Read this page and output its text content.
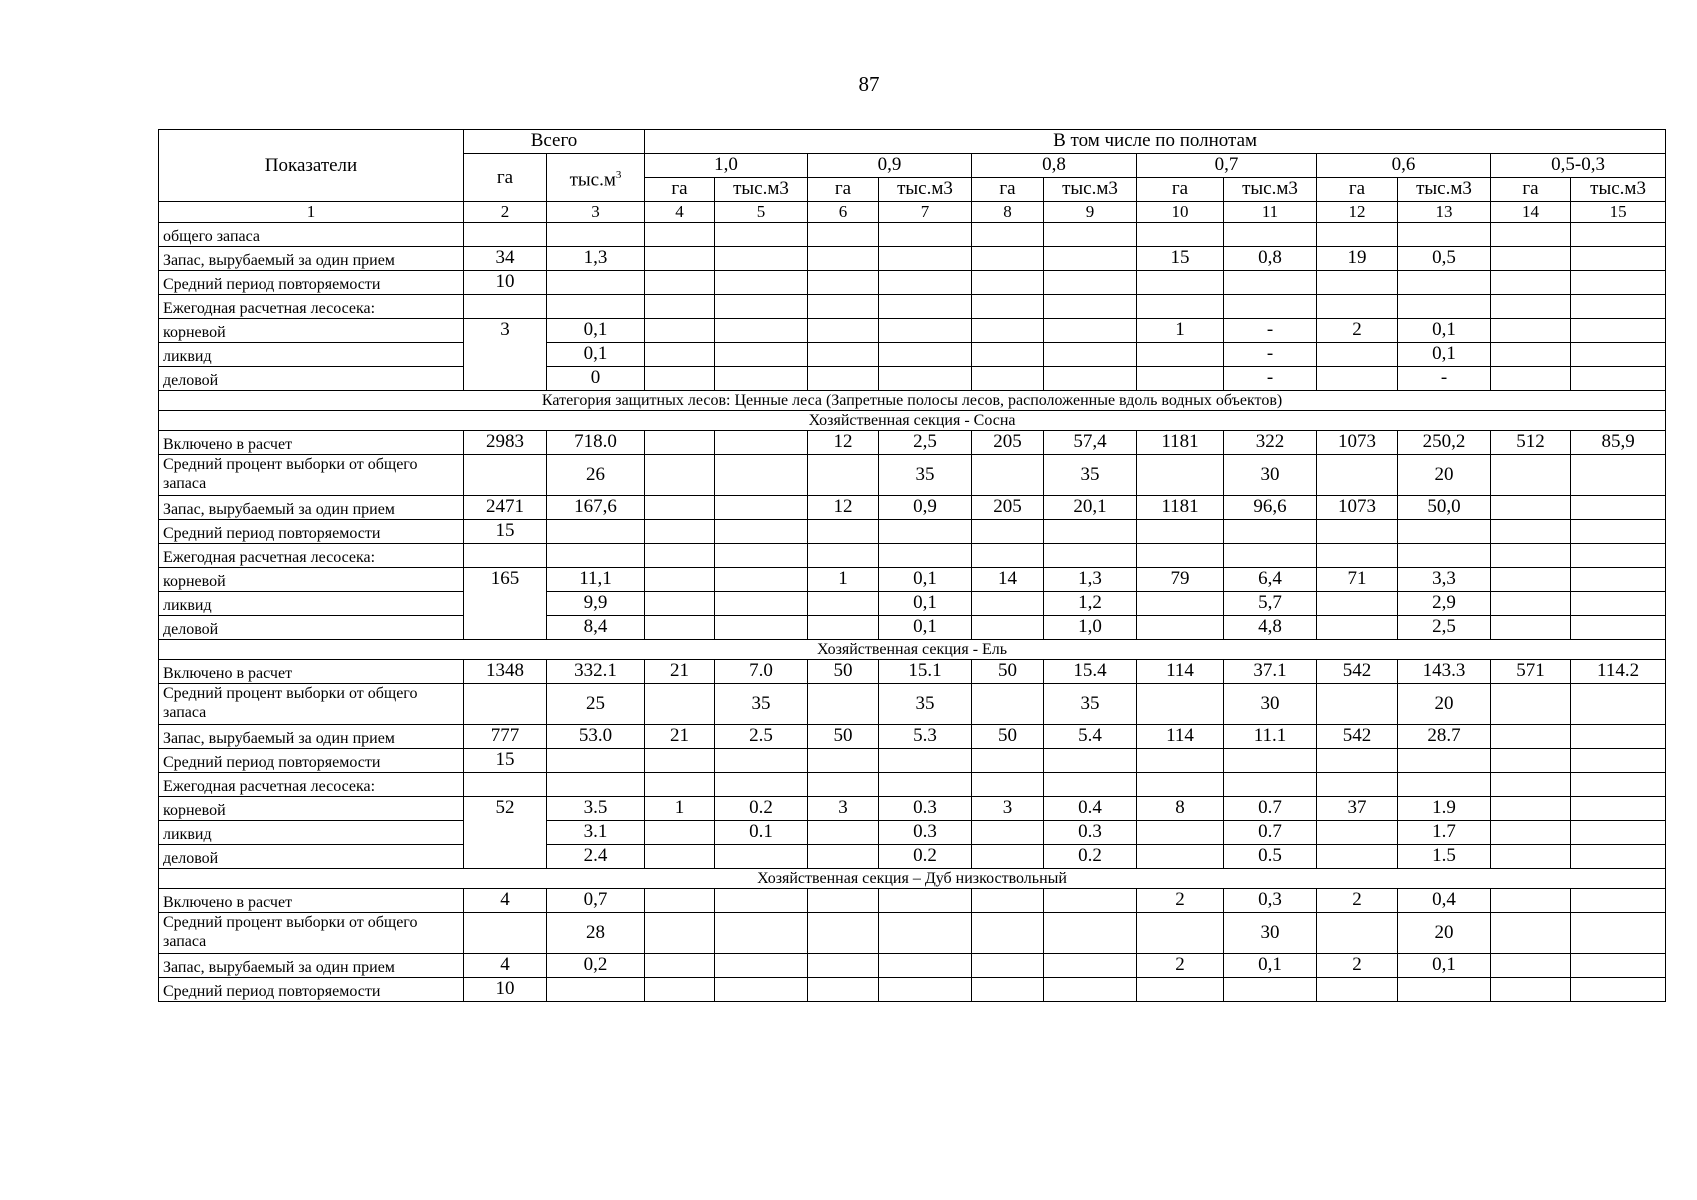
87
Показатели	Всего		В том числе по полнотам											
	га	$тыс.м^3$	1,0		0,9		0,8		0,7		0,6		0,5-0,3	
			га	тыс.м3	га	тыс.м3	га	тыс.м3	га	тыс.м3	га	тыс.м3	га	тыс.м3
1	2	3	4	5	6	7	8	9	10	11	12	13	14	15
общего запаса														
Запас, вырубаемый за один прием	34	1,3							15	0,8	19	0,5		
Средний период повторяемости	10													
Ежегодная расчетная лесосека:														
корневой	3	0,1							1	-	2	0,1		
ликвид		0,1								-		0,1		
деловой		0								-		-		
Категория защитных лесов: Ценные леса (Запретные полосы лесов, расположенные вдоль водных объектов)														
Хозяйственная секция - Сосна														
Включено в расчет	2983	718.0			12	2,5	205	57,4	1181	322	1073	250,2	512	85,9
Средний процент выборки от общего запаса		26				35		35		30		20		
Запас, вырубаемый за один прием	2471	167,6			12	0,9	205	20,1	1181	96,6	1073	50,0		
Средний период повторяемости	15													
Ежегодная расчетная лесосека:														
корневой	165	11,1			1	0,1	14	1,3	79	6,4	71	3,3		
ликвид		9,9				0,1		1,2		5,7		2,9		
деловой		8,4				0,1		1,0		4,8		2,5		
Хозяйственная секция - Ель														
Включено в расчет	1348	332.1	21	7.0	50	15.1	50	15.4	114	37.1	542	143.3	571	114.2
Средний процент выборки от общего запаса		25		35		35		35		30		20		
Запас, вырубаемый за один прием	777	53.0	21	2.5	50	5.3	50	5.4	114	11.1	542	28.7		
Средний период повторяемости	15													
Ежегодная расчетная лесосека:														
корневой	52	3.5	1	0.2	3	0.3	3	0.4	8	0.7	37	1.9		
ликвид		3.1		0.1		0.3		0.3		0.7		1.7		
деловой		2.4				0.2		0.2		0.5		1.5		
Хозяйственная секция – Дуб низкоствольный														
Включено в расчет	4	0,7							2	0,3	2	0,4		
Средний процент выборки от общего запаса		28								30		20		
Запас, вырубаемый за один прием	4	0,2							2	0,1	2	0,1		
Средний период повторяемости	10													
